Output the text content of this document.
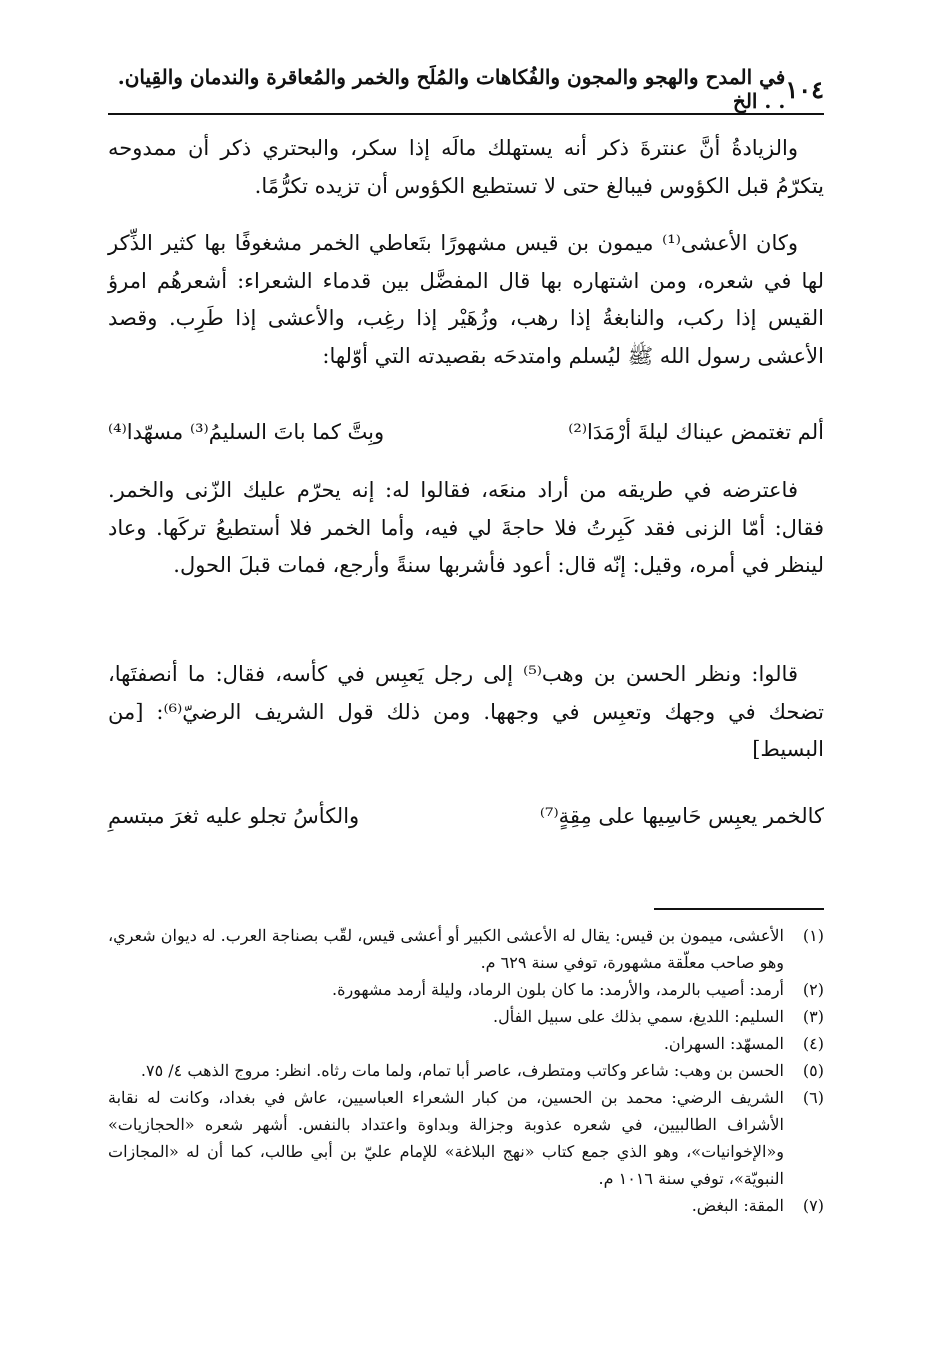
١٠٤
في المدح والهجو والمجون والفُكاهات والمُلَح والخمر والمُعاقرة والندمان والقِيان. . . الخ

والزيادةُ أنَّ عنترةَ ذكر أنه يستهلك مالَه إذا سكر، والبحتري ذكر أن ممدوحه يتكرّمُ قبل الكؤوس فيبالغ حتى لا تستطيع الكؤوس أن تزيده تكرُّمًا.

وكان الأعشى⁽¹⁾ ميمون بن قيس مشهورًا بتَعاطي الخمر مشغوفًا بها كثير الذِّكر لها في شعره، ومن اشتهاره بها قال المفضَّل بين قدماء الشعراء: أشعرهُم امرؤ القيس إذا ركب، والنابغةُ إذا رهب، وزُهَيْر إذا رغِب، والأعشى إذا طَرِب. وقصد الأعشى رسول الله ﷺ ليُسلم وامتدحَه بقصيدته التي أوّلها:

ألم تغتمض عيناك ليلةَ أرْمَدَا⁽²⁾
وبِتَّ كما باتَ السليمُ⁽³⁾ مسهّدا⁽⁴⁾

فاعترضه في طريقه من أراد منعَه، فقالوا له: إنه يحرّم عليك الزّنى والخمر. فقال: أمّا الزنى فقد كَبِرتُ فلا حاجةَ لي فيه، وأما الخمر فلا أستطيعُ تركَها. وعاد لينظر في أمره، وقيل: إنّه قال: أعود فأشربها سنةً وأرجع، فمات قبلَ الحول.

قالوا: ونظر الحسن بن وهب⁽⁵⁾ إلى رجل يَعبِس في كأسه، فقال: ما أنصفتَها، تضحك في وجهك وتعبِس في وجهها. ومن ذلك قول الشريف الرضيّ⁽⁶⁾: [من البسيط]

كالخمر يعبِس حَاسِيها على مِقِةٍ⁽⁷⁾
والكأسُ تجلو عليه ثغرَ مبتسمِ
(١)
الأعشى، ميمون بن قيس: يقال له الأعشى الكبير أو أعشى قيس، لقّب بصناجة العرب. له ديوان شعري، وهو صاحب معلّقة مشهورة، توفي سنة ٦٢٩ م.
(٢)
أرمد: أصيب بالرمد، والأرمد: ما كان بلون الرماد، وليلة أرمد مشهورة.
(٣)
السليم: اللديغ، سمي بذلك على سبيل الفأل.
(٤)
المسهّد: السهران.
(٥)
الحسن بن وهب: شاعر وكاتب ومتطرف، عاصر أبا تمام، ولما مات رثاه. انظر: مروج الذهب ٤/ ٧٥.
(٦)
الشريف الرضي: محمد بن الحسين، من كبار الشعراء العباسيين، عاش في بغداد، وكانت له نقابة الأشراف الطالبيين، في شعره عذوبة وجزالة وبداوة واعتداد بالنفس. أشهر شعره «الحجازيات» و«الإخوانيات»، وهو الذي جمع كتاب «نهج البلاغة» للإمام عليّ بن أبي طالب، كما أن له «المجازات النبويّة»، توفي سنة ١٠١٦ م.
(٧)
المقة: البغض.
